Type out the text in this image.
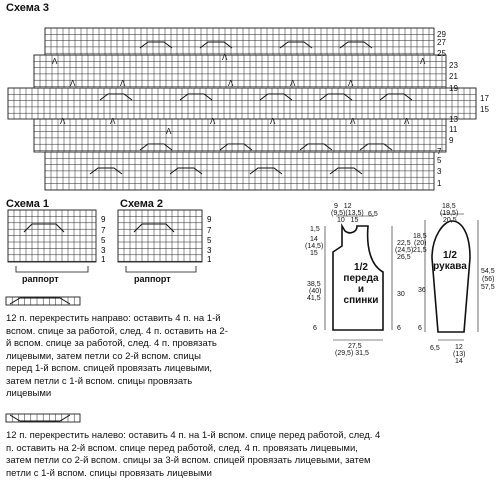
Схема 3
Λ
Λ	Λ	Λ	Λ	Λ
Λ	Λ	Λ	Λ	Λ	Λ
Λ
Λ
Λ
29
27
25
23
21
19
17
15
13
11
9
7
5
3
1
Схема 1	Схема 2
9
7
5
3
1
9
7
5
3
1
раппорт	раппорт
1/2
переда
и
спинки
1/2
рукава
9 12
(9,5)(13,5)
10 15
6,5
1,5
14
(14,5)
15
38,5
(40)
41,5
6
22,5
(24,5)
26,5
30
6
27,5
(29,5) 31,5
18,5
(19,5)
20,5
18,5
(20)
21,5
36
6
6,5
54,5
(56)
57,5
12
(13)
14
12 п. перекрестить направо: оставить 4 п. на 1-й
вспом. спице за работой, след. 4 п. оставить на 2-
й вспом. спице за работой, след. 4 п. провязать
лицевыми, затем петли со 2-й вспом. спицы
перед 1-й вспом. спицей провязать лицевыми,
затем петли с 1-й вспом. спицы провязать
лицевыми
12 п. перекрестить налево: оставить 4 п. на 1-й вспом. спице перед работой, след. 4
п. оставить на 2-й вспом. спице перед работой, след. 4 п. провязать лицевыми,
затем петли со 2-й вспом. спицы за 3-й вспом. спицей провязать лицевыми, затем
петли с 1-й вспом. спицы провязать лицевыми
